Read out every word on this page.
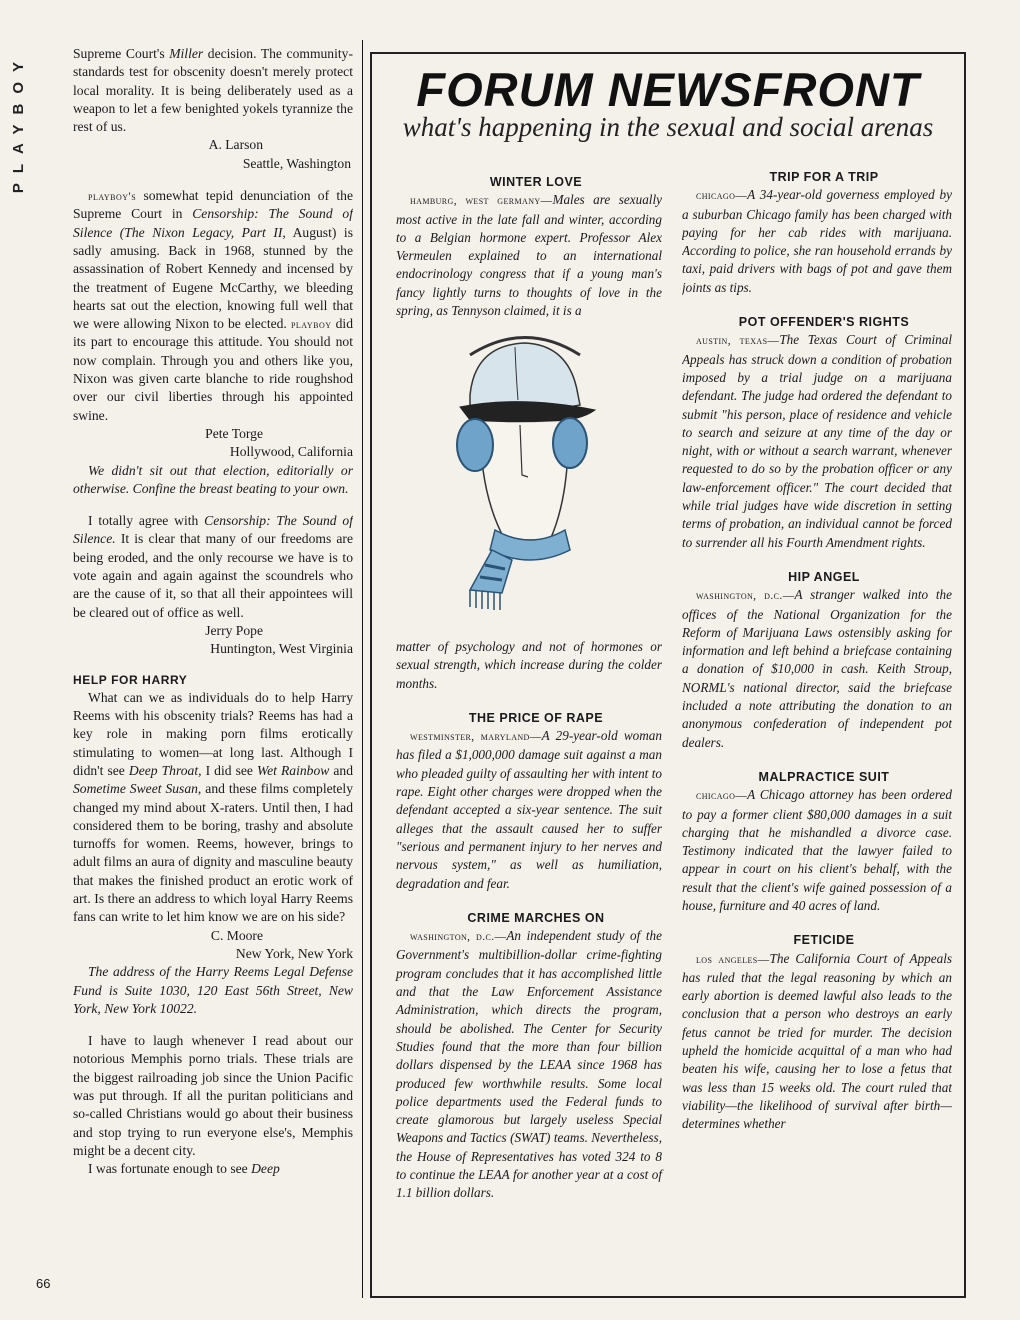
PLAYBOY	Supreme Court's Miller decision. The community-standards test for obscenity doesn't merely protect local morality. It is being deliberately used as a weapon to let a few benighted yokels tyrannize the rest of us.

A. Larson
Seattle, Washington

playboy's somewhat tepid denunciation of the Supreme Court in Censorship: The Sound of Silence (The Nixon Legacy, Part II, August) is sadly amusing. Back in 1968, stunned by the assassination of Robert Kennedy and incensed by the treatment of Eugene McCarthy, we bleeding hearts sat out the election, knowing full well that we were allowing Nixon to be elected. playboy did its part to encourage this attitude. You should not now complain. Through you and others like you, Nixon was given carte blanche to ride roughshod over our civil liberties through his appointed swine.

Pete Torge
Hollywood, California

We didn't sit out that election, editorially or otherwise. Confine the breast beating to your own.

I totally agree with Censorship: The Sound of Silence. It is clear that many of our freedoms are being eroded, and the only recourse we have is to vote again and again against the scoundrels who are the cause of it, so that all their appointees will be cleared out of office as well.

Jerry Pope
Huntington, West Virginia

HELP FOR HARRY

What can we as individuals do to help Harry Reems with his obscenity trials? Reems has had a key role in making porn films erotically stimulating to women—at long last. Although I didn't see Deep Throat, I did see Wet Rainbow and Sometime Sweet Susan, and these films completely changed my mind about X-raters. Until then, I had considered them to be boring, trashy and absolute turnoffs for women. Reems, however, brings to adult films an aura of dignity and masculine beauty that makes the finished product an erotic work of art. Is there an address to which loyal Harry Reems fans can write to let him know we are on his side?

C. Moore
New York, New York

The address of the Harry Reems Legal Defense Fund is Suite 1030, 120 East 56th Street, New York, New York 10022.

I have to laugh whenever I read about our notorious Memphis porno trials. These trials are the biggest railroading job since the Union Pacific was put through. If all the puritan politicians and so-called Christians would go about their business and stop trying to run everyone else's, Memphis might be a decent city.

I was fortunate enough to see Deep

66
FORUM NEWSFRONT
what's happening in the sexual and social arenas

WINTER LOVE

hamburg, west germany—Males are sexually most active in the late fall and winter, according to a Belgian hormone expert. Professor Alex Vermeulen explained to an international endocrinology congress that if a young man's fancy lightly turns to thoughts of love in the spring, as Tennyson claimed, it is a

matter of psychology and not of hormones or sexual strength, which increase during the colder months.

THE PRICE OF RAPE

westminster, maryland—A 29-year-old woman has filed a $1,000,000 damage suit against a man who pleaded guilty of assaulting her with intent to rape. Eight other charges were dropped when the defendant accepted a six-year sentence. The suit alleges that the assault caused her to suffer "serious and permanent injury to her nerves and nervous system," as well as humiliation, degradation and fear.

CRIME MARCHES ON

washington, d.c.—An independent study of the Government's multibillion-dollar crime-fighting program concludes that it has accomplished little and that the Law Enforcement Assistance Administration, which directs the program, should be abolished. The Center for Security Studies found that the more than four billion dollars dispensed by the LEAA since 1968 has produced few worthwhile results. Some local police departments used the Federal funds to create glamorous but largely useless Special Weapons and Tactics (SWAT) teams. Nevertheless, the House of Representatives has voted 324 to 8 to continue the LEAA for another year at a cost of 1.1 billion dollars.

TRIP FOR A TRIP

chicago—A 34-year-old governess employed by a suburban Chicago family has been charged with paying for her cab rides with marijuana. According to police, she ran household errands by taxi, paid drivers with bags of pot and gave them joints as tips.

POT OFFENDER'S RIGHTS

austin, texas—The Texas Court of Criminal Appeals has struck down a condition of probation imposed by a trial judge on a marijuana defendant. The judge had ordered the defendant to submit "his person, place of residence and vehicle to search and seizure at any time of the day or night, with or without a search warrant, whenever requested to do so by the probation officer or any law-enforcement officer." The court decided that while trial judges have wide discretion in setting terms of probation, an individual cannot be forced to surrender all his Fourth Amendment rights.

HIP ANGEL

washington, d.c.—A stranger walked into the offices of the National Organization for the Reform of Marijuana Laws ostensibly asking for information and left behind a briefcase containing a donation of $10,000 in cash. Keith Stroup, NORML's national director, said the briefcase included a note attributing the donation to an anonymous confederation of independent pot dealers.

MALPRACTICE SUIT

chicago—A Chicago attorney has been ordered to pay a former client $80,000 damages in a suit charging that he mishandled a divorce case. Testimony indicated that the lawyer failed to appear in court on his client's behalf, with the result that the client's wife gained possession of a house, furniture and 40 acres of land.

FETICIDE

los angeles—The California Court of Appeals has ruled that the legal reasoning by which an early abortion is deemed lawful also leads to the conclusion that a person who destroys an early fetus cannot be tried for murder. The decision upheld the homicide acquittal of a man who had beaten his wife, causing her to lose a fetus that was less than 15 weeks old. The court ruled that viability—the likelihood of survival after birth—determines whether
